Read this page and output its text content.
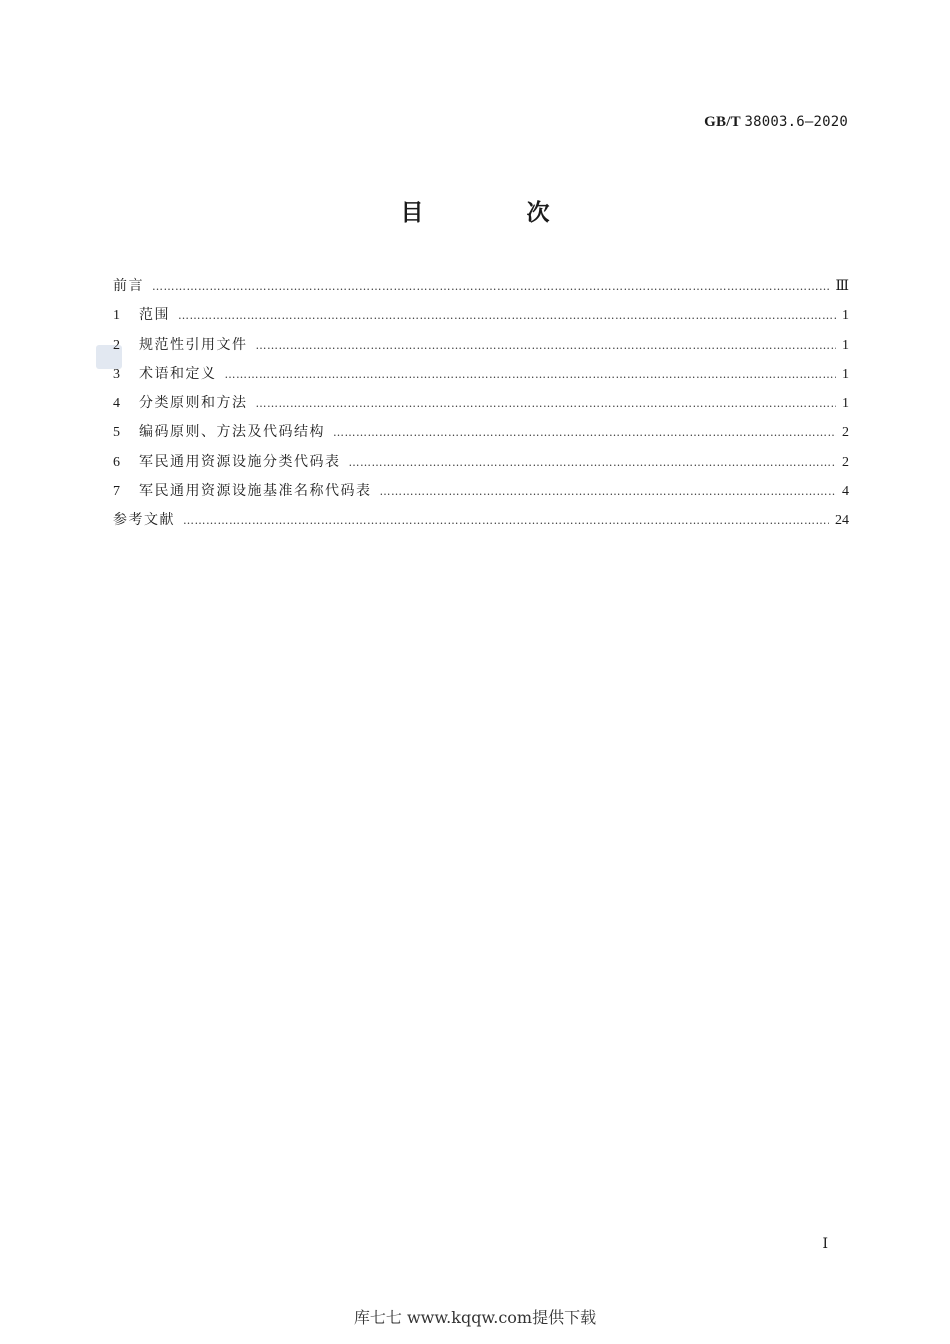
GB/T 38003.6—2020
目　次
前言 …………………………………………………………………………………………………………………………………………………………………………………………………………………………………	Ⅲ
1	范围 …………………………………………………………………………………………………………………………………………………………………………………………………………………………………	1
2	规范性引用文件 …………………………………………………………………………………………………………………………………………………………………………………………………………………………………	1
3	术语和定义 …………………………………………………………………………………………………………………………………………………………………………………………………………………………………	1
4	分类原则和方法 …………………………………………………………………………………………………………………………………………………………………………………………………………………………………	1
5	编码原则、方法及代码结构 …………………………………………………………………………………………………………………………………………………………………………………………………………………………………	2
6	军民通用资源设施分类代码表 …………………………………………………………………………………………………………………………………………………………………………………………………………………………………	2
7	军民通用资源设施基准名称代码表 …………………………………………………………………………………………………………………………………………………………………………………………………………………………………	4
参考文献 …………………………………………………………………………………………………………………………………………………………………………………………………………………………………	24
Ⅰ
库七七 www.kqqw.com提供下载
